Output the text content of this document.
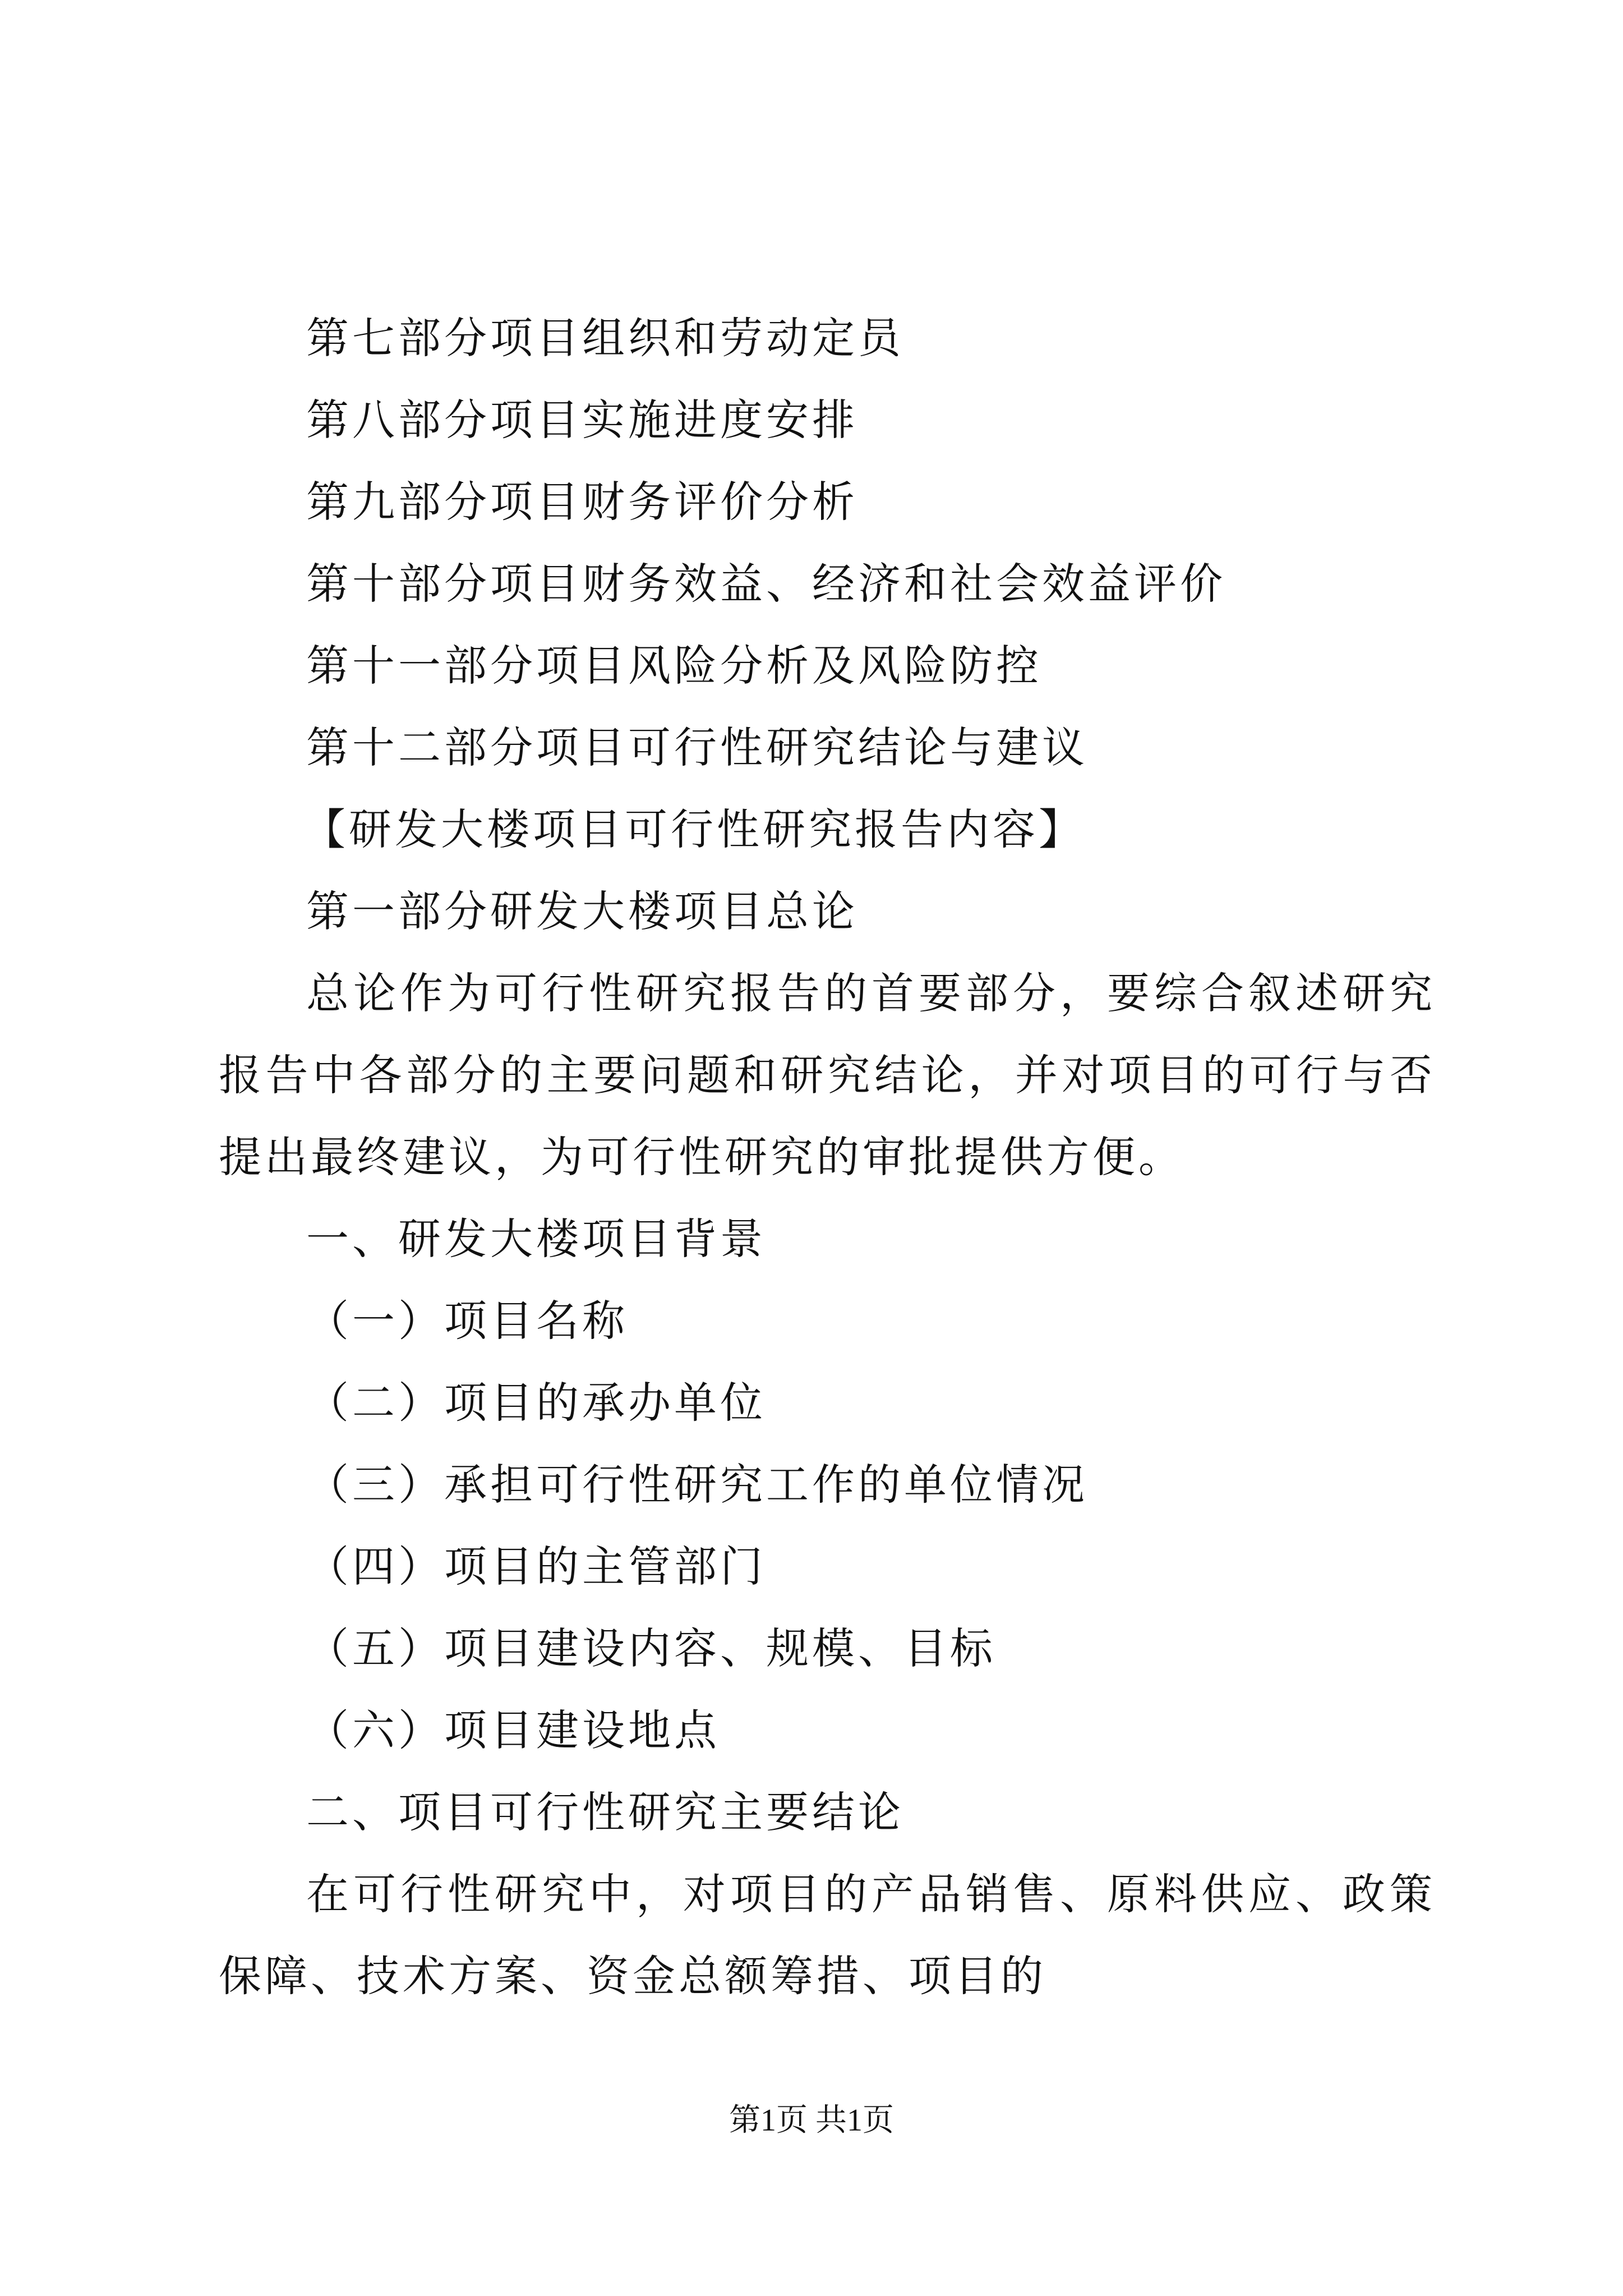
第七部分项目组织和劳动定员
第八部分项目实施进度安排
第九部分项目财务评价分析
第十部分项目财务效益、经济和社会效益评价
第十一部分项目风险分析及风险防控
第十二部分项目可行性研究结论与建议
【研发大楼项目可行性研究报告内容】
第一部分研发大楼项目总论
总论作为可行性研究报告的首要部分，要综合叙述研究报告中各部分的主要问题和研究结论，并对项目的可行与否提出最终建议，为可行性研究的审批提供方便。
一、研发大楼项目背景
（一）项目名称
（二）项目的承办单位
（三）承担可行性研究工作的单位情况
（四）项目的主管部门
（五）项目建设内容、规模、目标
（六）项目建设地点
二、项目可行性研究主要结论
在可行性研究中，对项目的产品销售、原料供应、政策保障、技术方案、资金总额筹措、项目的
第1页 共1页
